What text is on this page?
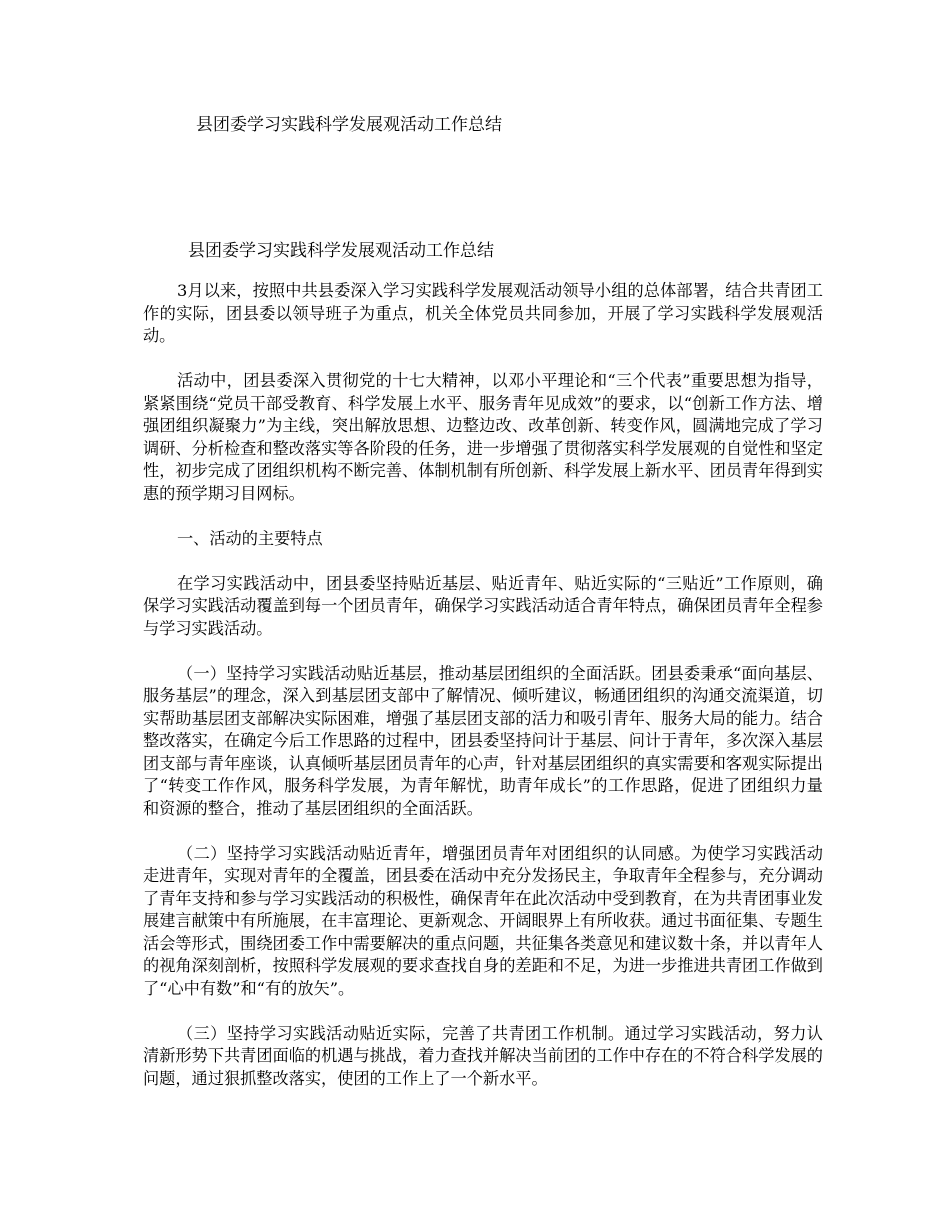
县团委学习实践科学发展观活动工作总结
县团委学习实践科学发展观活动工作总结

3月以来，按照中共县委深入学习实践科学发展观活动领导小组的总体部署，结合共青团工作的实际，团县委以领导班子为重点，机关全体党员共同参加，开展了学习实践科学发展观活动。

活动中，团县委深入贯彻党的十七大精神，以邓小平理论和“三个代表”重要思想为指导，紧紧围绕“党员干部受教育、科学发展上水平、服务青年见成效”的要求，以“创新工作方法、增强团组织凝聚力”为主线，突出解放思想、边整边改、改革创新、转变作风，圆满地完成了学习调研、分析检查和整改落实等各阶段的任务，进一步增强了贯彻落实科学发展观的自觉性和坚定性，初步完成了团组织机构不断完善、体制机制有所创新、科学发展上新水平、团员青年得到实惠的预学期习目网标。

一、活动的主要特点

在学习实践活动中，团县委坚持贴近基层、贴近青年、贴近实际的“三贴近”工作原则，确保学习实践活动覆盖到每一个团员青年，确保学习实践活动适合青年特点，确保团员青年全程参与学习实践活动。

（一）坚持学习实践活动贴近基层，推动基层团组织的全面活跃。团县委秉承“面向基层、服务基层”的理念，深入到基层团支部中了解情况、倾听建议，畅通团组织的沟通交流渠道，切实帮助基层团支部解决实际困难，增强了基层团支部的活力和吸引青年、服务大局的能力。结合整改落实，在确定今后工作思路的过程中，团县委坚持问计于基层、问计于青年，多次深入基层团支部与青年座谈，认真倾听基层团员青年的心声，针对基层团组织的真实需要和客观实际提出了“转变工作作风，服务科学发展，为青年解忧，助青年成长”的工作思路，促进了团组织力量和资源的整合，推动了基层团组织的全面活跃。

（二）坚持学习实践活动贴近青年，增强团员青年对团组织的认同感。为使学习实践活动走进青年，实现对青年的全覆盖，团县委在活动中充分发扬民主，争取青年全程参与，充分调动了青年支持和参与学习实践活动的积极性，确保青年在此次活动中受到教育，在为共青团事业发展建言献策中有所施展，在丰富理论、更新观念、开阔眼界上有所收获。通过书面征集、专题生活会等形式，围绕团委工作中需要解决的重点问题，共征集各类意见和建议数十条，并以青年人的视角深刻剖析，按照科学发展观的要求查找自身的差距和不足，为进一步推进共青团工作做到了“心中有数”和“有的放矢”。

（三）坚持学习实践活动贴近实际，完善了共青团工作机制。通过学习实践活动，努力认清新形势下共青团面临的机遇与挑战，着力查找并解决当前团的工作中存在的不符合科学发展的问题，通过狠抓整改落实，使团的工作上了一个新水平。
